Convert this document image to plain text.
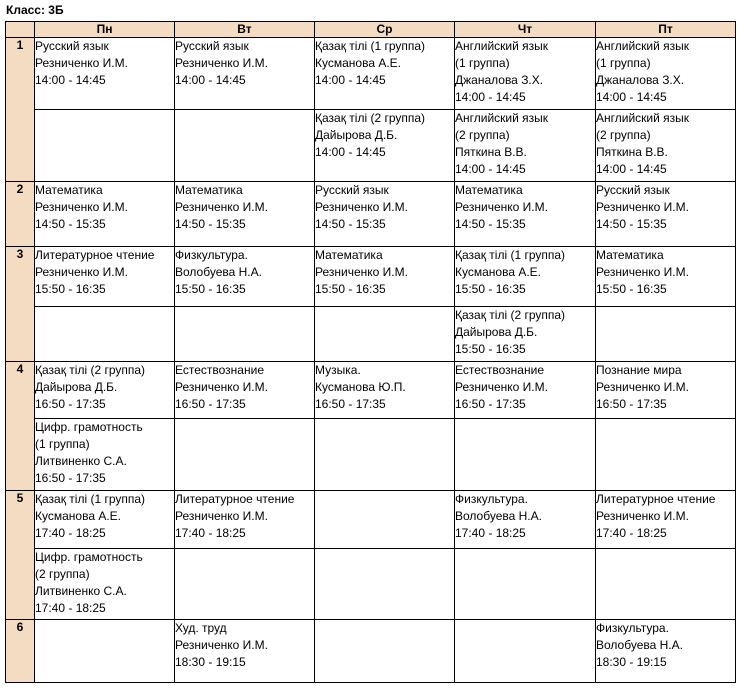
Класс: 3Б
	Пн	Вт	Ср	Чт	Пт
1	Русский язык
Резниченко И.М.
14:00 - 14:45	Русский язык
Резниченко И.М.
14:00 - 14:45	Қазақ тілі (1 группа)
Кусманова А.Е.
14:00 - 14:45	Английский язык
(1 группа)
Джаналова З.Х.
14:00 - 14:45	Английский язык
(1 группа)
Джаналова З.Х.
14:00 - 14:45

			Қазақ тілі (2 группа)
Дайырова Д.Б.
14:00 - 14:45	Английский язык
(2 группа)
Пяткина В.В.
14:00 - 14:45	Английский язык
(2 группа)
Пяткина В.В.
14:00 - 14:45

2	Математика
Резниченко И.М.
14:50 - 15:35	Математика
Резниченко И.М.
14:50 - 15:35	Русский язык
Резниченко И.М.
14:50 - 15:35	Математика
Резниченко И.М.
14:50 - 15:35	Русский язык
Резниченко И.М.
14:50 - 15:35

3	Литературное чтение
Резниченко И.М.
15:50 - 16:35	Физкультура.
Волобуева Н.А.
15:50 - 16:35	Математика
Резниченко И.М.
15:50 - 16:35	Қазақ тілі (1 группа)
Кусманова А.Е.
15:50 - 16:35	Математика
Резниченко И.М.
15:50 - 16:35

				Қазақ тілі (2 группа)
Дайырова Д.Б.
15:50 - 16:35	

4	Қазақ тілі (2 группа)
Дайырова Д.Б.
16:50 - 17:35	Естествознание
Резниченко И.М.
16:50 - 17:35	Музыка.
Кусманова Ю.П.
16:50 - 17:35	Естествознание
Резниченко И.М.
16:50 - 17:35	Познание мира
Резниченко И.М.
16:50 - 17:35

	Цифр. грамотность
(1 группа)
Литвиненко С.А.
16:50 - 17:35				

5	Қазақ тілі (1 группа)
Кусманова А.Е.
17:40 - 18:25	Литературное чтение
Резниченко И.М.
17:40 - 18:25		Физкультура.
Волобуева Н.А.
17:40 - 18:25	Литературное чтение
Резниченко И.М.
17:40 - 18:25

	Цифр. грамотность
(2 группа)
Литвиненко С.А.
17:40 - 18:25				

6		Худ. труд
Резниченко И.М.
18:30 - 19:15			Физкультура.
Волобуева Н.А.
18:30 - 19:15
